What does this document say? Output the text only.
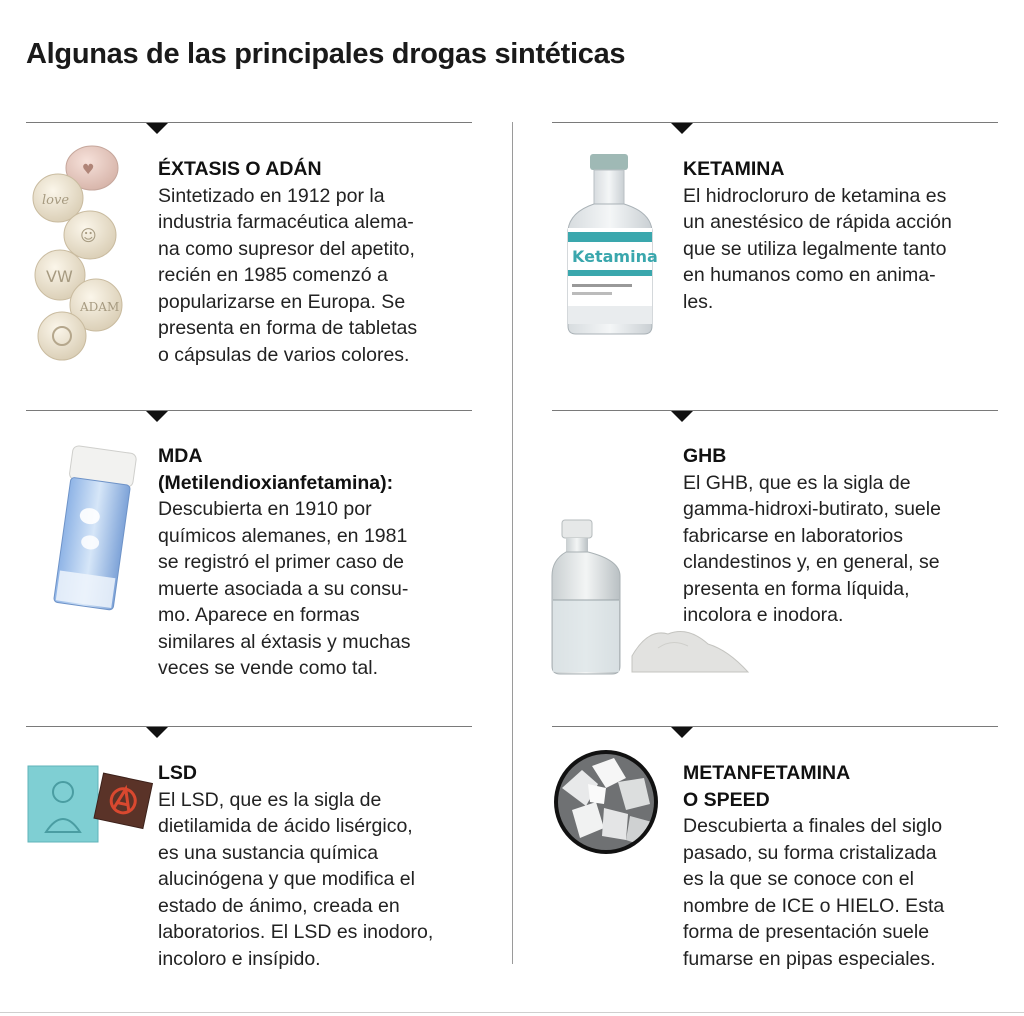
Algunas de las principales drogas sintéticas
♥
love
☺
VW
ADAM
ÉXTASIS O ADÁN
Sintetizado en 1912 por la
industria farmacéutica alema-
na como supresor del apetito,
recién en 1985 comenzó a
popularizarse en Europa. Se
presenta en forma de tabletas
o cápsulas de varios colores.
Ketamina
KETAMINA
El hidrocloruro de ketamina es
un anestésico de rápida acción
que se utiliza legalmente tanto
en humanos como en anima-
les.
MDA
(Metilendioxianfetamina):
Descubierta en 1910 por
químicos alemanes, en 1981
se registró el primer caso de
muerte asociada a su consu-
mo. Aparece en formas
similares al éxtasis y muchas
veces se vende como tal.
GHB
El GHB, que es la sigla de
gamma-hidroxi-butirato, suele
fabricarse en laboratorios
clandestinos y, en general, se
presenta en forma líquida,
incolora e inodora.
LSD
El LSD, que es la sigla de
dietilamida de ácido lisérgico,
es una sustancia química
alucinógena y que modifica el
estado de ánimo, creada en
laboratorios. El LSD es inodoro,
incoloro e insípido.
METANFETAMINA
O SPEED
Descubierta a finales del siglo
pasado, su forma cristalizada
es la que se conoce con el
nombre de ICE o HIELO. Esta
forma de presentación suele
fumarse en pipas especiales.
